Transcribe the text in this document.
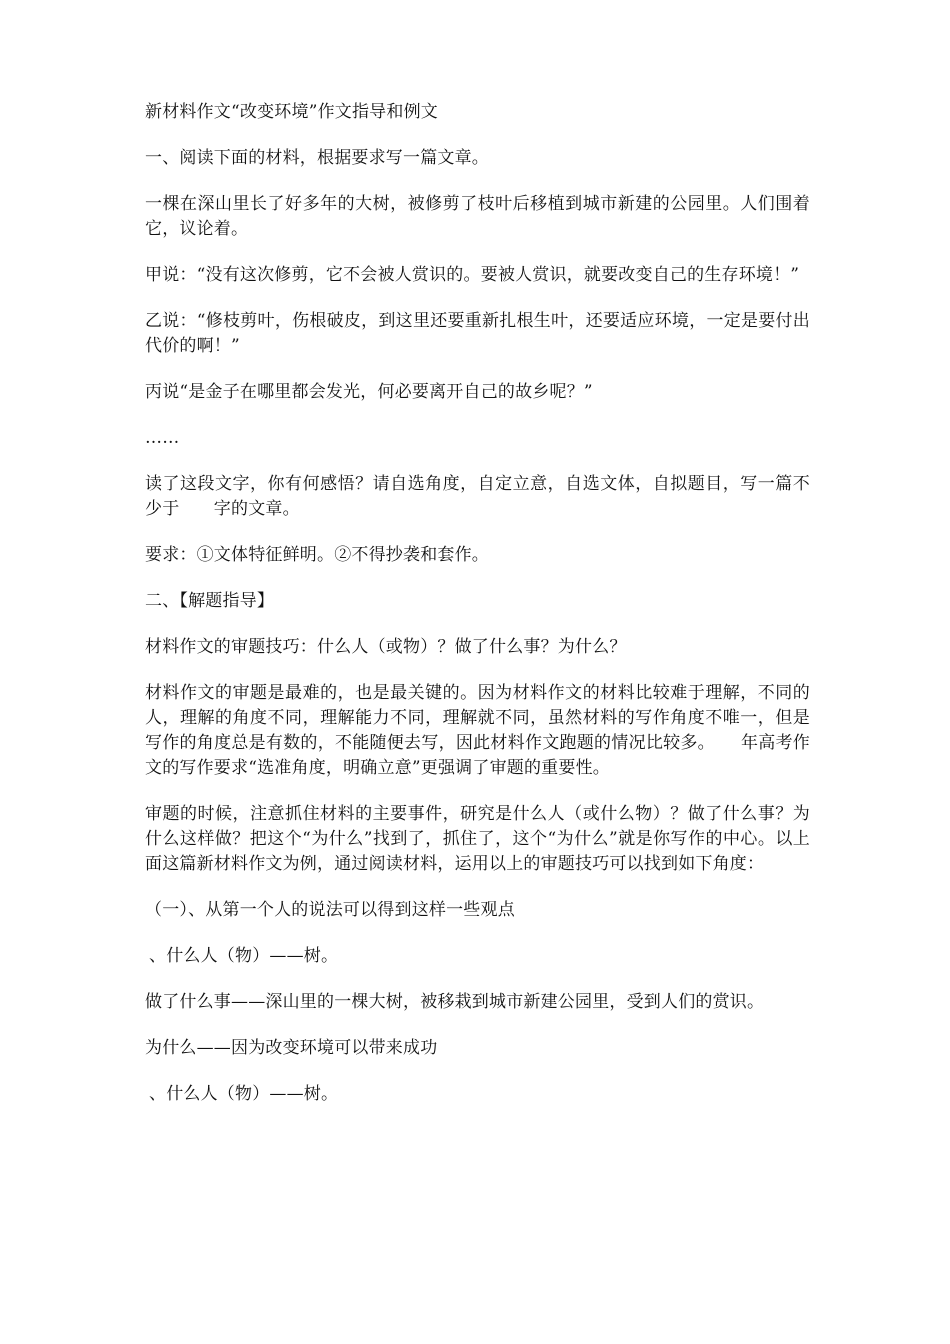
新材料作文“改变环境”作文指导和例文

一、阅读下面的材料，根据要求写一篇文章。

一棵在深山里长了好多年的大树，被修剪了枝叶后移植到城市新建的公园里。人们围着它，议论着。

甲说：“没有这次修剪，它不会被人赏识的。要被人赏识，就要改变自己的生存环境！”

乙说：“修枝剪叶，伤根破皮，到这里还要重新扎根生叶，还要适应环境，一定是要付出代价的啊！”

丙说“是金子在哪里都会发光，何必要离开自己的故乡呢？”

……

读了这段文字，你有何感悟？请自选角度，自定立意，自选文体，自拟题目，写一篇不少于　　字的文章。

要求：①文体特征鲜明。②不得抄袭和套作。

二、【解题指导】

材料作文的审题技巧：什么人（或物）？做了什么事？为什么？

材料作文的审题是最难的，也是最关键的。因为材料作文的材料比较难于理解，不同的人，理解的角度不同，理解能力不同，理解就不同，虽然材料的写作角度不唯一，但是写作的角度总是有数的，不能随便去写，因此材料作文跑题的情况比较多。　　年高考作文的写作要求“选准角度，明确立意”更强调了审题的重要性。

审题的时候，注意抓住材料的主要事件，研究是什么人（或什么物）？做了什么事？为什么这样做？把这个“为什么”找到了，抓住了，这个“为什么”就是你写作的中心。以上面这篇新材料作文为例，通过阅读材料，运用以上的审题技巧可以找到如下角度：

（一）、从第一个人的说法可以得到这样一些观点

、什么人（物）——树。

做了什么事——深山里的一棵大树，被移栽到城市新建公园里，受到人们的赏识。

为什么——因为改变环境可以带来成功

、什么人（物）——树。
